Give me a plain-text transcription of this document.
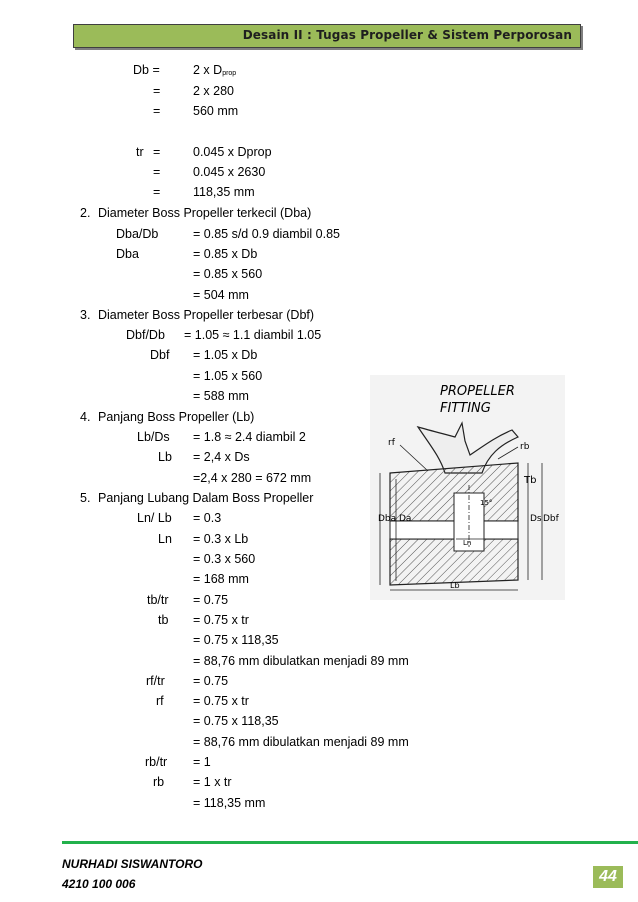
Desain II : Tugas Propeller & Sistem Perporosan
Db =	2 x Dprop
=	2 x 280
=	560 mm
tr =	0.045 x Dprop
=	0.045 x 2630
=	118,35 mm
2. Diameter Boss Propeller terkecil (Dba)
Dba/Db	= 0.85 s/d 0.9 diambil 0.85
Dba	= 0.85 x Db
= 0.85 x 560
= 504 mm
3. Diameter Boss Propeller terbesar (Dbf)
Dbf/Db = 1.05 ≈ 1.1 diambil 1.05
Dbf = 1.05 x Db
= 1.05 x 560
= 588 mm
4. Panjang Boss Propeller (Lb)
Lb/Ds = 1.8 ≈ 2.4 diambil 2
Lb = 2,4 x Ds
=2,4 x 280 = 672 mm
5. Panjang Lubang Dalam Boss Propeller
Ln/ Lb = 0.3
Ln = 0.3 x Lb
= 0.3 x 560
= 168 mm
tb/tr = 0.75
tb = 0.75 x tr
= 0.75 x 118,35
= 88,76 mm dibulatkan menjadi 89 mm
rf/tr = 0.75
rf = 0.75 x tr
= 0.75 x 118,35
= 88,76 mm dibulatkan menjadi 89 mm
rb/tr = 1
rb = 1 x tr
= 118,35 mm
PROPELLER
FITTING
rf	rb
Tb
Dba Da	Ds Dbf
15°
Ln
Lb
NURHADI SISWANTORO
4210 100 006	44
